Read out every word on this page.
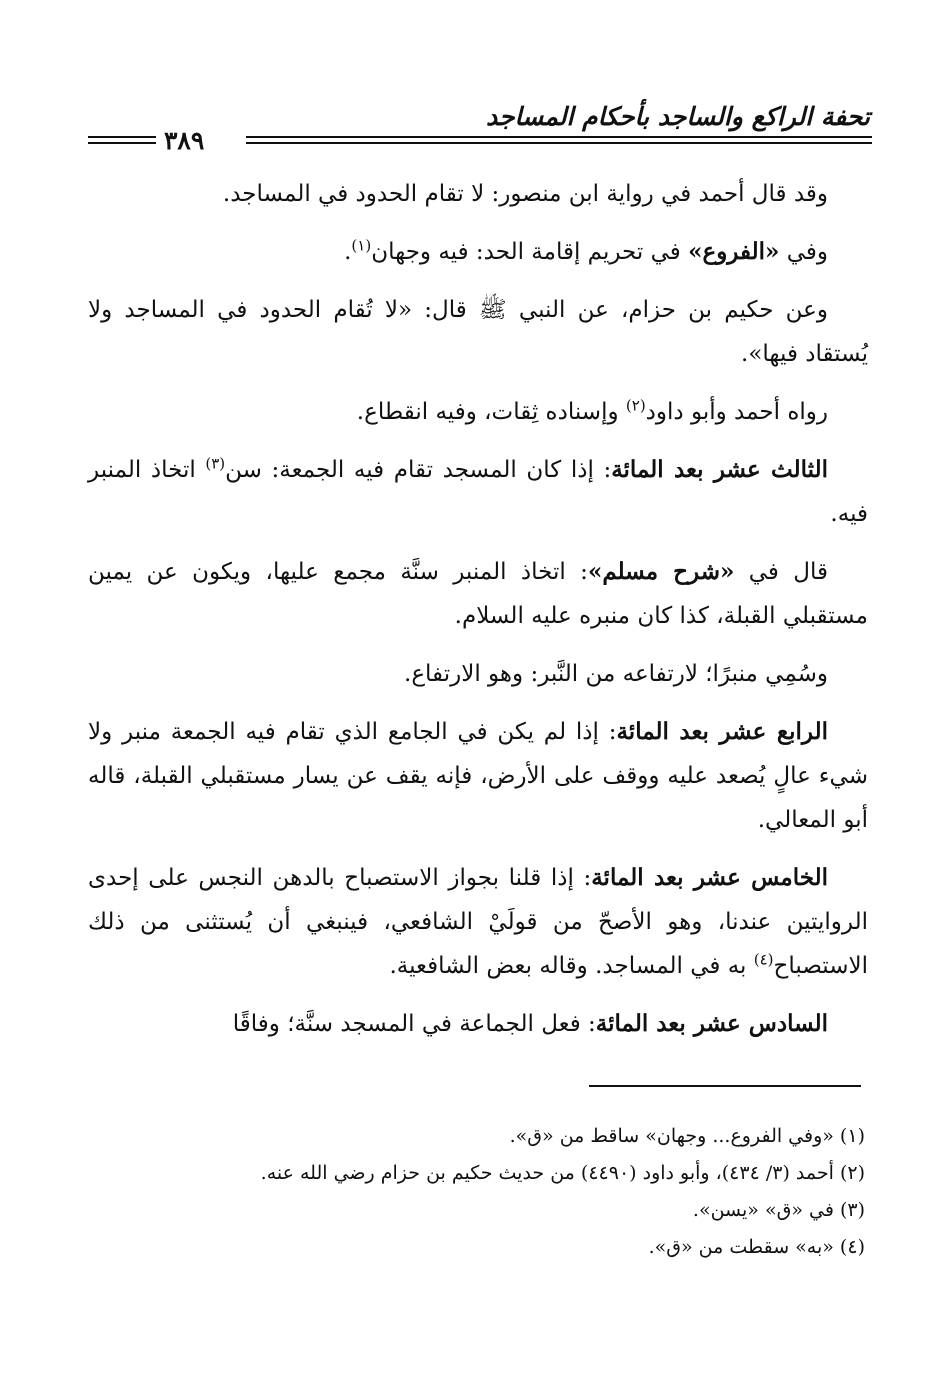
تحفة الراكع والساجد بأحكام المساجد
٣٨٩

وقد قال أحمد في رواية ابن منصور: لا تقام الحدود في المساجد.

وفي «الفروع» في تحريم إقامة الحد: فيه وجهان$^{(١)}$.

وعن حكيم بن حزام، عن النبي ﷺ قال: «لا تُقام الحدود في المساجد ولا يُستقاد فيها».

رواه أحمد وأبو داود$^{(٢)}$ وإسناده ثِقات، وفيه انقطاع.

الثالث عشر بعد المائة: إذا كان المسجد تقام فيه الجمعة: سن$^{(٣)}$ اتخاذ المنبر فيه.

قال في «شرح مسلم»: اتخاذ المنبر سنَّة مجمع عليها، ويكون عن يمين مستقبلي القبلة، كذا كان منبره عليه السلام.

وسُمِي منبرًا؛ لارتفاعه من النَّبر: وهو الارتفاع.

الرابع عشر بعد المائة: إذا لم يكن في الجامع الذي تقام فيه الجمعة منبر ولا شيء عالٍ يُصعد عليه ووقف على الأرض، فإنه يقف عن يسار مستقبلي القبلة، قاله أبو المعالي.

الخامس عشر بعد المائة: إذا قلنا بجواز الاستصباح بالدهن النجس على إحدى الروايتين عندنا، وهو الأصحّ من قولَيْ الشافعي، فينبغي أن يُستثنى من ذلك الاستصباح$^{(٤)}$ به في المساجد. وقاله بعض الشافعية.

السادس عشر بعد المائة: فعل الجماعة في المسجد سنَّة؛ وفاقًا

(١) «وفي الفروع... وجهان» ساقط من «ق».

(٢) أحمد (٣/ ٤٣٤)، وأبو داود (٤٤٩٠) من حديث حكيم بن حزام رضي الله عنه.

(٣) في «ق» «يسن».

(٤) «به» سقطت من «ق».
